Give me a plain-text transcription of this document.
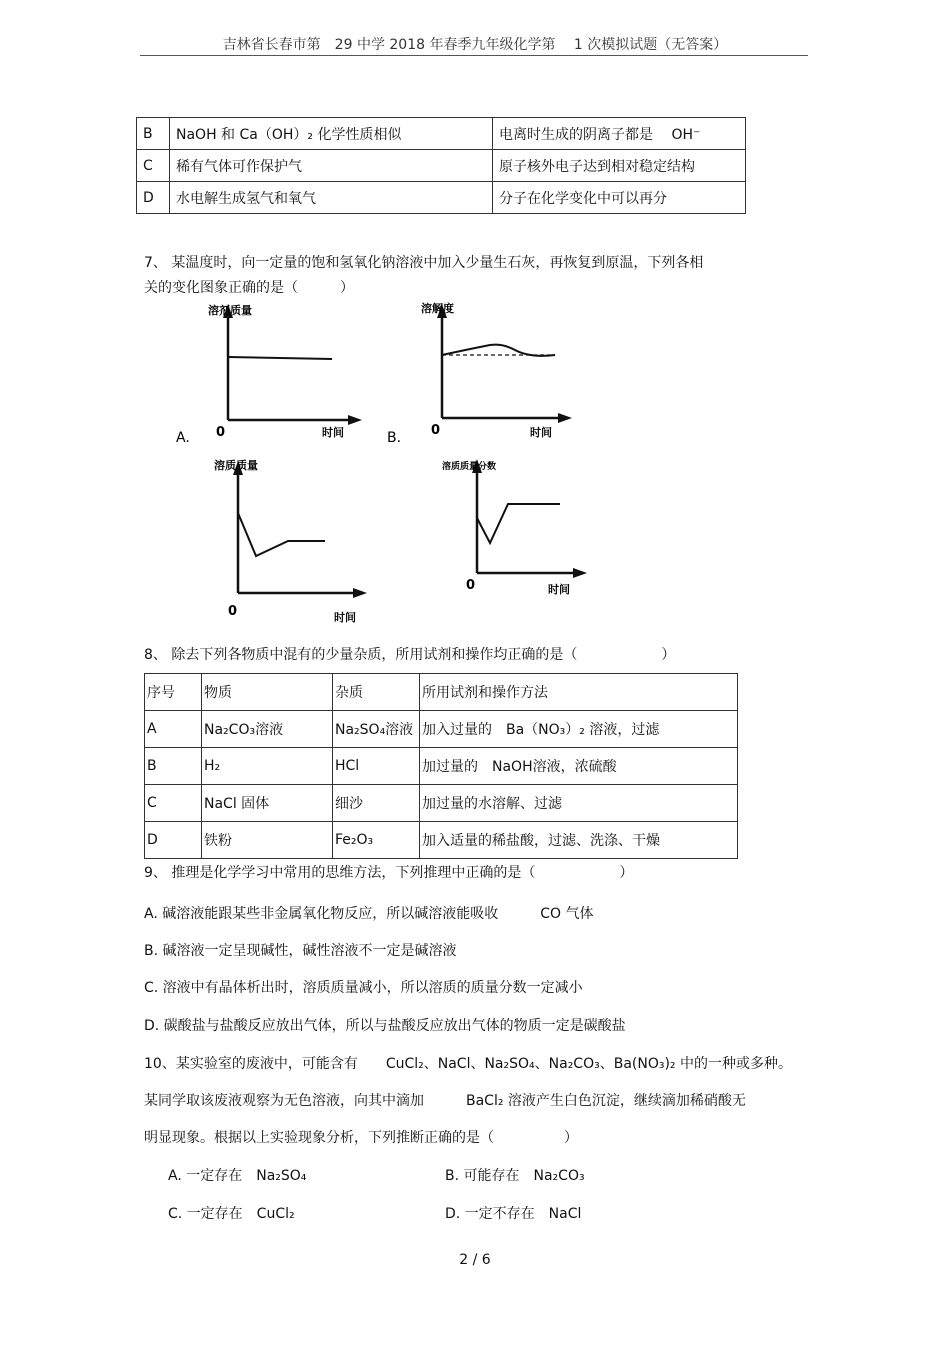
吉林省长春市第　29 中学 2018 年春季九年级化学第　 1 次模拟试题（无答案）
B	NaOH 和 Ca（OH）₂ 化学性质相似	电离时生成的阴离子都是　 OH⁻
C	稀有气体可作保护气	原子核外电子达到相对稳定结构
D	水电解生成氢气和氧气	分子在化学变化中可以再分
7、 某温度时，向一定量的饱和氢氧化钠溶液中加入少量生石灰，再恢复到原温，下列各相
关的变化图象正确的是（　　　）
溶剂质量
0	时间
A.
溶解度
0	时间
B.
溶质质量
0	时间
溶质质量分数
0	时间
8、 除去下列各物质中混有的少量杂质，所用试剂和操作均正确的是（　　　　　　）
序号	物质	杂质	所用试剂和操作方法
A	Na₂CO₃溶液	Na₂SO₄溶液	加入过量的　Ba（NO₃）₂ 溶液，过滤
B	H₂	HCl	加过量的　NaOH溶液，浓硫酸
C	NaCl 固体	细沙	加过量的水溶解、过滤
D	铁粉	Fe₂O₃	加入适量的稀盐酸，过滤、洗涤、干燥
9、 推理是化学学习中常用的思维方法，下列推理中正确的是（　　　　　　）
A. 碱溶液能跟某些非金属氧化物反应，所以碱溶液能吸收　　　CO 气体
B. 碱溶液一定呈现碱性，碱性溶液不一定是碱溶液
C. 溶液中有晶体析出时，溶质质量减小，所以溶质的质量分数一定减小
D. 碳酸盐与盐酸反应放出气体，所以与盐酸反应放出气体的物质一定是碳酸盐
10、某实验室的废液中，可能含有　　CuCl₂、NaCl、Na₂SO₄、Na₂CO₃、Ba(NO₃)₂ 中的一种或多种。
某同学取该废液观察为无色溶液，向其中滴加　　　BaCl₂ 溶液产生白色沉淀，继续滴加稀硝酸无
明显现象。根据以上实验现象分析，下列推断正确的是（　　　　　）
A. 一定存在　Na₂SO₄	B. 可能存在　Na₂CO₃
C. 一定存在　CuCl₂	D. 一定不存在　NaCl
2 / 6
